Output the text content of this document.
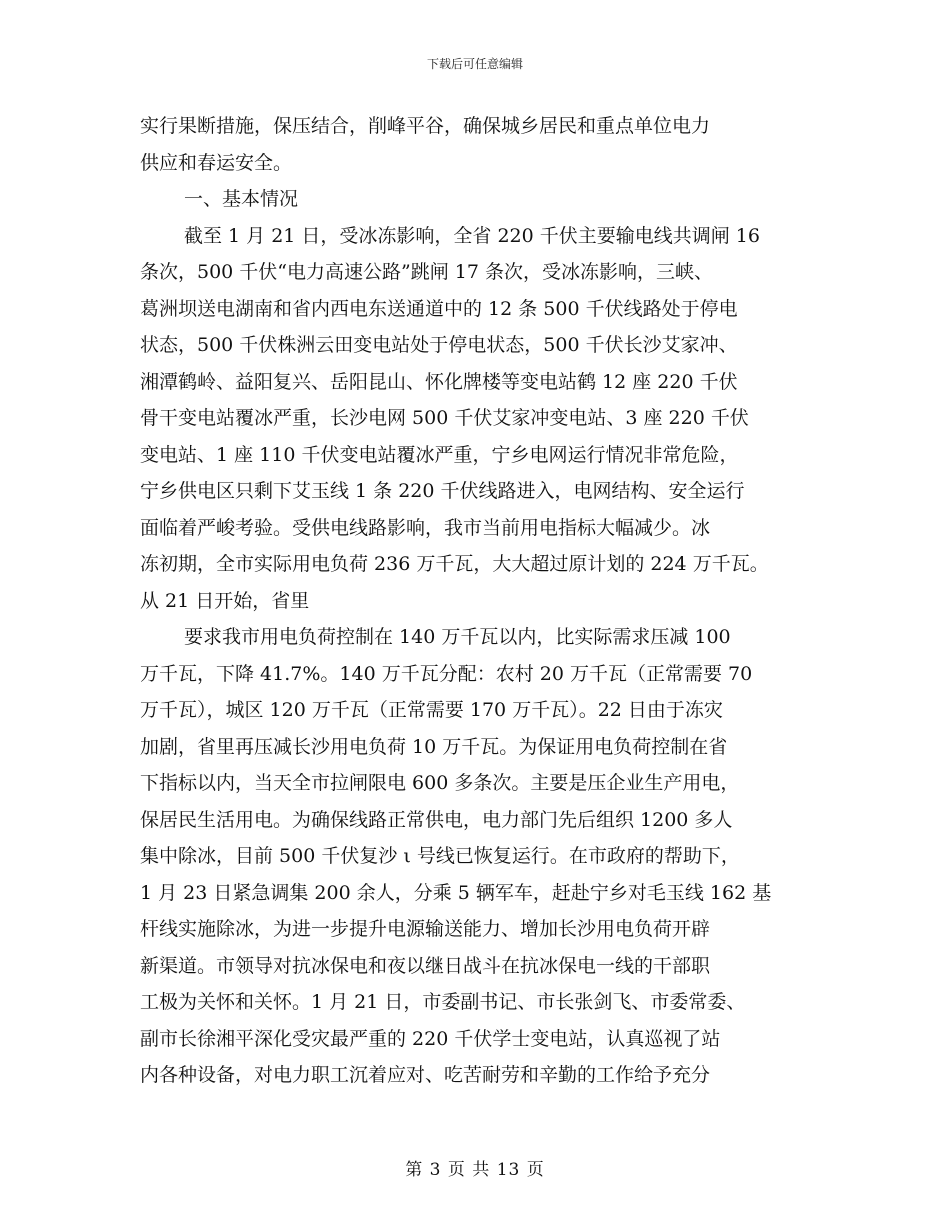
下载后可任意编辑
实行果断措施，保压结合，削峰平谷，确保城乡居民和重点单位电力
供应和春运安全。
一、基本情况
截至 1 月 21 日，受冰冻影响，全省 220 千伏主要输电线共调闸 16
条次，500 千伏“电力高速公路”跳闸 17 条次，受冰冻影响，三峡、
葛洲坝送电湖南和省内西电东送通道中的 12 条 500 千伏线路处于停电
状态，500 千伏株洲云田变电站处于停电状态，500 千伏长沙艾家冲、
湘潭鹤岭、益阳复兴、岳阳昆山、怀化牌楼等变电站鹤 12 座 220 千伏
骨干变电站覆冰严重，长沙电网 500 千伏艾家冲变电站、3 座 220 千伏
变电站、1 座 110 千伏变电站覆冰严重，宁乡电网运行情况非常危险，
宁乡供电区只剩下艾玉线 1 条 220 千伏线路进入，电网结构、安全运行
面临着严峻考验。受供电线路影响，我市当前用电指标大幅减少。冰
冻初期，全市实际用电负荷 236 万千瓦，大大超过原计划的 224 万千瓦。
从 21 日开始，省里
要求我市用电负荷控制在 140 万千瓦以内，比实际需求压减 100
万千瓦，下降 41.7%。140 万千瓦分配：农村 20 万千瓦（正常需要 70
万千瓦），城区 120 万千瓦（正常需要 170 万千瓦）。22 日由于冻灾
加剧，省里再压减长沙用电负荷 10 万千瓦。为保证用电负荷控制在省
下指标以内，当天全市拉闸限电 600 多条次。主要是压企业生产用电，
保居民生活用电。为确保线路正常供电，电力部门先后组织 1200 多人
集中除冰，目前 500 千伏复沙 ι 号线已恢复运行。在市政府的帮助下，
1 月 23 日紧急调集 200 余人，分乘 5 辆军车，赶赴宁乡对毛玉线 162 基
杆线实施除冰，为进一步提升电源输送能力、增加长沙用电负荷开辟
新渠道。市领导对抗冰保电和夜以继日战斗在抗冰保电一线的干部职
工极为关怀和关怀。1 月 21 日，市委副书记、市长张剑飞、市委常委、
副市长徐湘平深化受灾最严重的 220 千伏学士变电站，认真巡视了站
内各种设备，对电力职工沉着应对、吃苦耐劳和辛勤的工作给予充分
第 3 页 共 13 页
